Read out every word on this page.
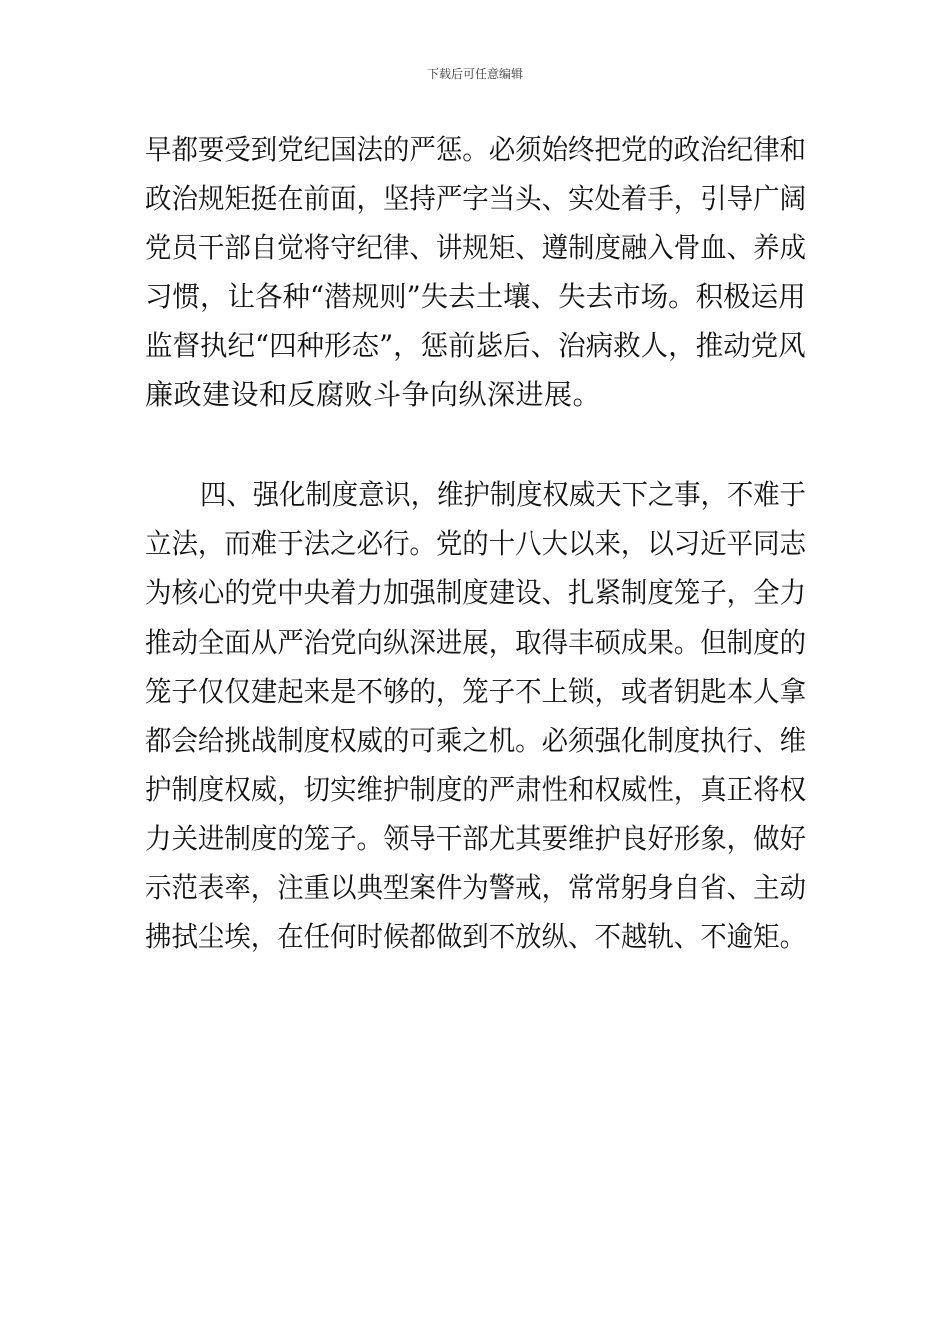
下载后可任意编辑
早都要受到党纪国法的严惩。必须始终把党的政治纪律和
政治规矩挺在前面，坚持严字当头、实处着手，引导广阔
党员干部自觉将守纪律、讲规矩、遵制度融入骨血、养成
习惯，让各种“潜规则”失去土壤、失去市场。积极运用
监督执纪“四种形态”，惩前毖后、治病救人，推动党风
廉政建设和反腐败斗争向纵深进展。
四、强化制度意识，维护制度权威天下之事，不难于
立法，而难于法之必行。党的十八大以来，以习近平同志
为核心的党中央着力加强制度建设、扎紧制度笼子，全力
推动全面从严治党向纵深进展，取得丰硕成果。但制度的
笼子仅仅建起来是不够的，笼子不上锁，或者钥匙本人拿
都会给挑战制度权威的可乘之机。必须强化制度执行、维
护制度权威，切实维护制度的严肃性和权威性，真正将权
力关进制度的笼子。领导干部尤其要维护良好形象，做好
示范表率，注重以典型案件为警戒，常常躬身自省、主动
拂拭尘埃，在任何时候都做到不放纵、不越轨、不逾矩。
